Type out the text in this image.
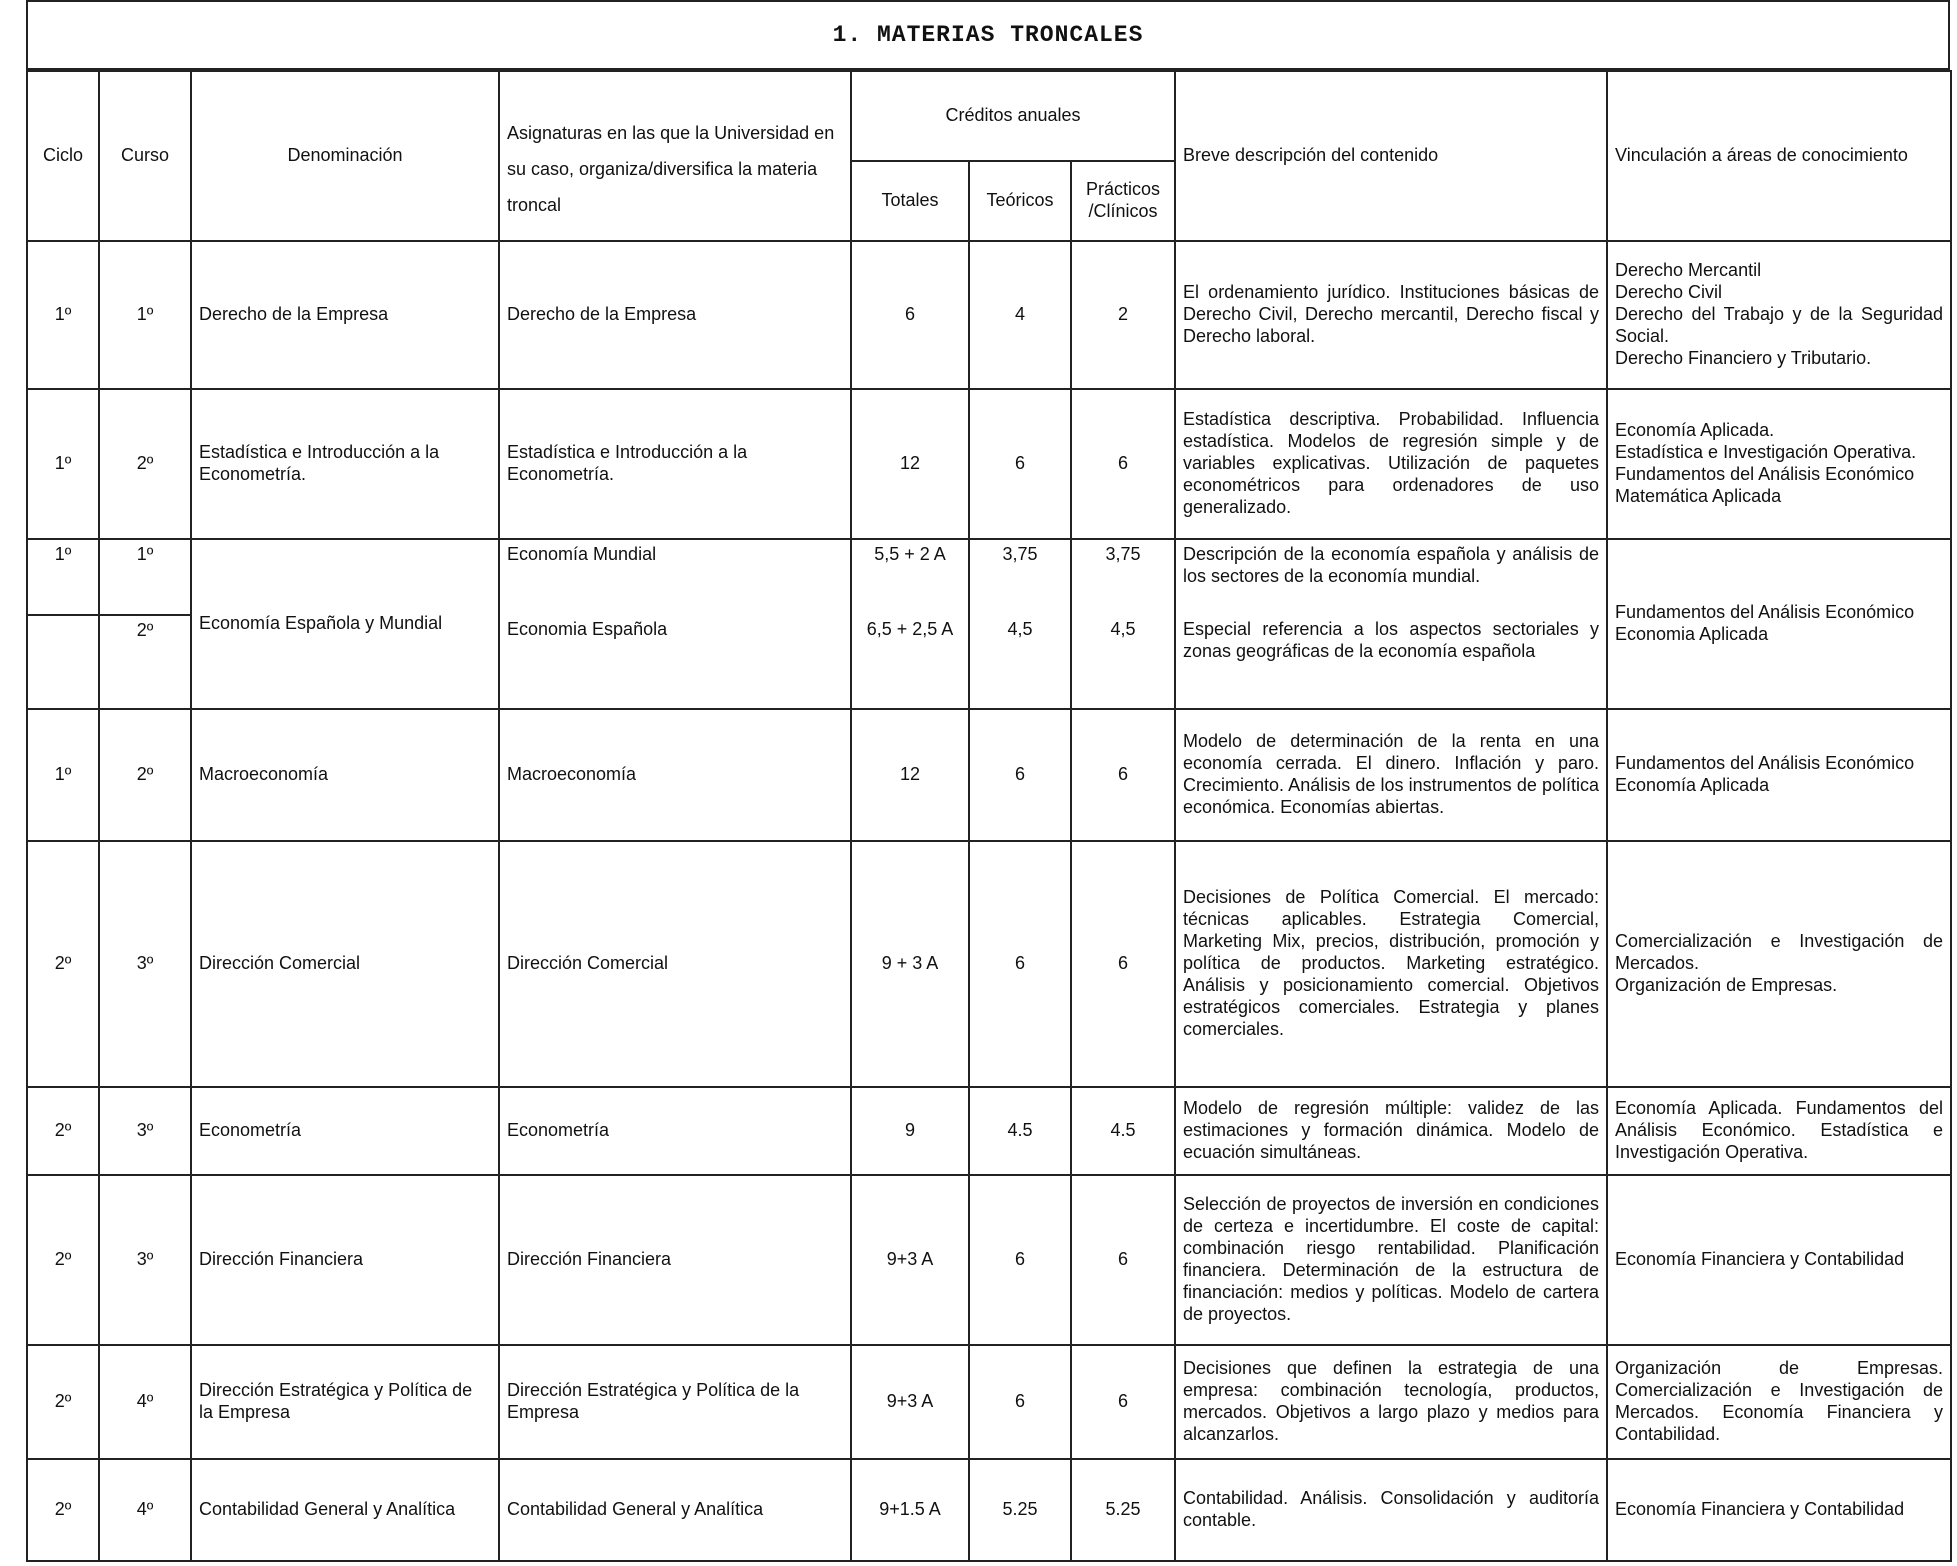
1. MATERIAS TRONCALES
Ciclo	Curso	Denominación	Asignaturas en las que la Universidad en su caso, organiza/diversifica la materia troncal	Créditos anuales			Breve descripción del contenido	Vinculación a áreas de conocimiento
				Totales	Teóricos	Prácticos /Clínicos		
1º	1º	Derecho de la Empresa	Derecho de la Empresa	6	4	2	El ordenamiento jurídico. Instituciones básicas de Derecho Civil, Derecho mercantil, Derecho fiscal y Derecho laboral.	Derecho Mercantil
Derecho Civil
Derecho del Trabajo y de la Seguridad Social.
Derecho Financiero y Tributario.

1º	2º	Estadística e Introducción a la Econometría.	Estadística e Introducción a la Econometría.	12	6	6	Estadística descriptiva. Probabilidad. Influencia estadística. Modelos de regresión simple y de variables explicativas. Utilización de paquetes econométricos para ordenadores de uso generalizado.	Economía Aplicada.
Estadística e Investigación Operativa.
Fundamentos del Análisis Económico
Matemática Aplicada

1º	1º	Economía Española y Mundial	Economía Mundial	5,5 + 2 A	3,75	3,75	Descripción de la economía española y análisis de los sectores de la economía mundial.	Fundamentos del Análisis Económico
Economia Aplicada

	2º		Economia Española	6,5 + 2,5 A	4,5	4,5	Especial referencia a los aspectos sectoriales y zonas geográficas de la economía española	
1º	2º	Macroeconomía	Macroeconomía	12	6	6	Modelo de determinación de la renta en una economía cerrada. El dinero. Inflación y paro. Crecimiento. Análisis de los instrumentos de política económica. Economías abiertas.	Fundamentos del Análisis Económico
Economía Aplicada

2º	3º	Dirección Comercial	Dirección Comercial	9 + 3 A	6	6	Decisiones de Política Comercial. El mercado: técnicas aplicables. Estrategia Comercial, Marketing Mix, precios, distribución, promoción y política de productos. Marketing estratégico. Análisis y posicionamiento comercial. Objetivos estratégicos comerciales. Estrategia y planes comerciales.	Comercialización e Investigación de Mercados.
Organización de Empresas.

2º	3º	Econometría	Econometría	9	4.5	4.5	Modelo de regresión múltiple: validez de las estimaciones y formación dinámica. Modelo de ecuación simultáneas.	Economía Aplicada. Fundamentos del Análisis Económico. Estadística e Investigación Operativa.
2º	3º	Dirección Financiera	Dirección Financiera	9+3 A	6	6	Selección de proyectos de inversión en condiciones de certeza e incertidumbre. El coste de capital: combinación riesgo rentabilidad. Planificación financiera. Determinación de la estructura de financiación: medios y políticas. Modelo de cartera de proyectos.	Economía Financiera y Contabilidad
2º	4º	Dirección Estratégica y Política de la Empresa	Dirección Estratégica y Política de la Empresa	9+3 A	6	6	Decisiones que definen la estrategia de una empresa: combinación tecnología, productos, mercados. Objetivos a largo plazo y medios para alcanzarlos.	Organización de Empresas. Comercialización e Investigación de Mercados. Economía Financiera y Contabilidad.
2º	4º	Contabilidad General y Analítica	Contabilidad General y Analítica	9+1.5 A	5.25	5.25	Contabilidad. Análisis. Consolidación y auditoría contable.	Economía Financiera y Contabilidad
